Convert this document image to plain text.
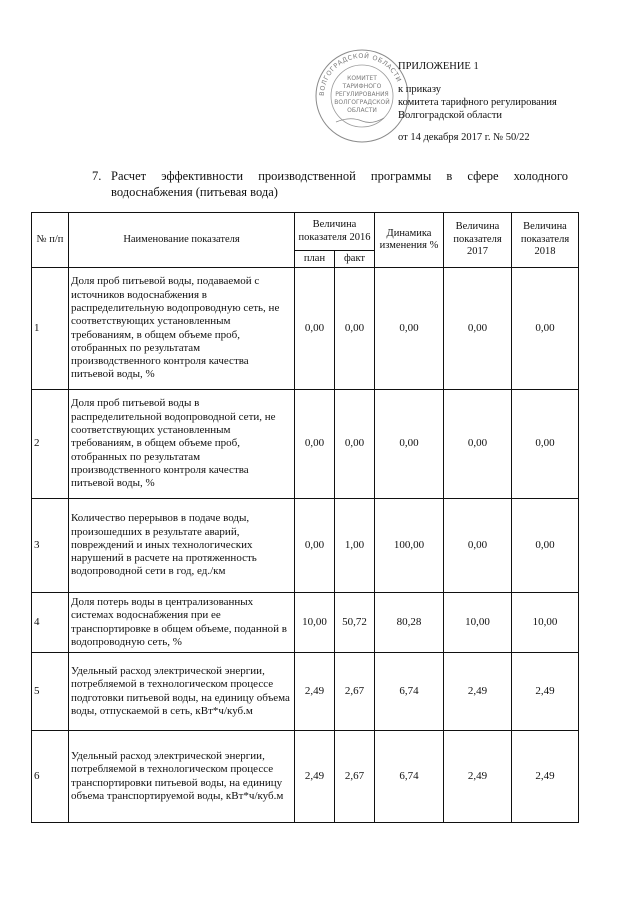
ВОЛГОГРАДСКОЙ ОБЛАСТИ
КОМИТЕТ
ТАРИФНОГО
РЕГУЛИРОВАНИЯ
ВОЛГОГРАДСКОЙ
ОБЛАСТИ
ПРИЛОЖЕНИЕ 1
к приказу
комитета тарифного регулирования
Волгоградской области
от 14 декабря 2017 г. № 50/22
7. Расчет эффективности производственной программы в сфере холодного водоснабжения (питьевая вода)
№ п/п	Наименование показателя	Величина показателя 2016		Динамика изменения %	Величина показателя 2017	Величина показателя 2018
		план	факт			
1	Доля проб питьевой воды, подаваемой с источников водоснабжения в распределительную водопроводную сеть, не соответствующих установленным требованиям, в общем объеме проб, отобранных по результатам производственного контроля качества питьевой воды, %	0,00	0,00	0,00	0,00	0,00
2	Доля проб питьевой воды в распределительной водопроводной сети, не соответствующих установленным требованиям, в общем объеме проб, отобранных по результатам производственного контроля качества питьевой воды, %	0,00	0,00	0,00	0,00	0,00
3	Количество перерывов в подаче воды, произошедших в результате аварий, повреждений и иных технологических нарушений в расчете на протяженность водопроводной сети в год, ед./км	0,00	1,00	100,00	0,00	0,00
4	Доля потерь воды в централизованных системах водоснабжения при ее транспортировке в общем объеме, поданной в водопроводную сеть, %	10,00	50,72	80,28	10,00	10,00
5	Удельный расход электрической энергии, потребляемой в технологическом процессе подготовки питьевой воды, на единицу объема воды, отпускаемой в сеть, кВт*ч/куб.м	2,49	2,67	6,74	2,49	2,49
6	Удельный расход электрической энергии, потребляемой в технологическом процессе транспортировки питьевой воды, на единицу объема транспортируемой воды, кВт*ч/куб.м	2,49	2,67	6,74	2,49	2,49
